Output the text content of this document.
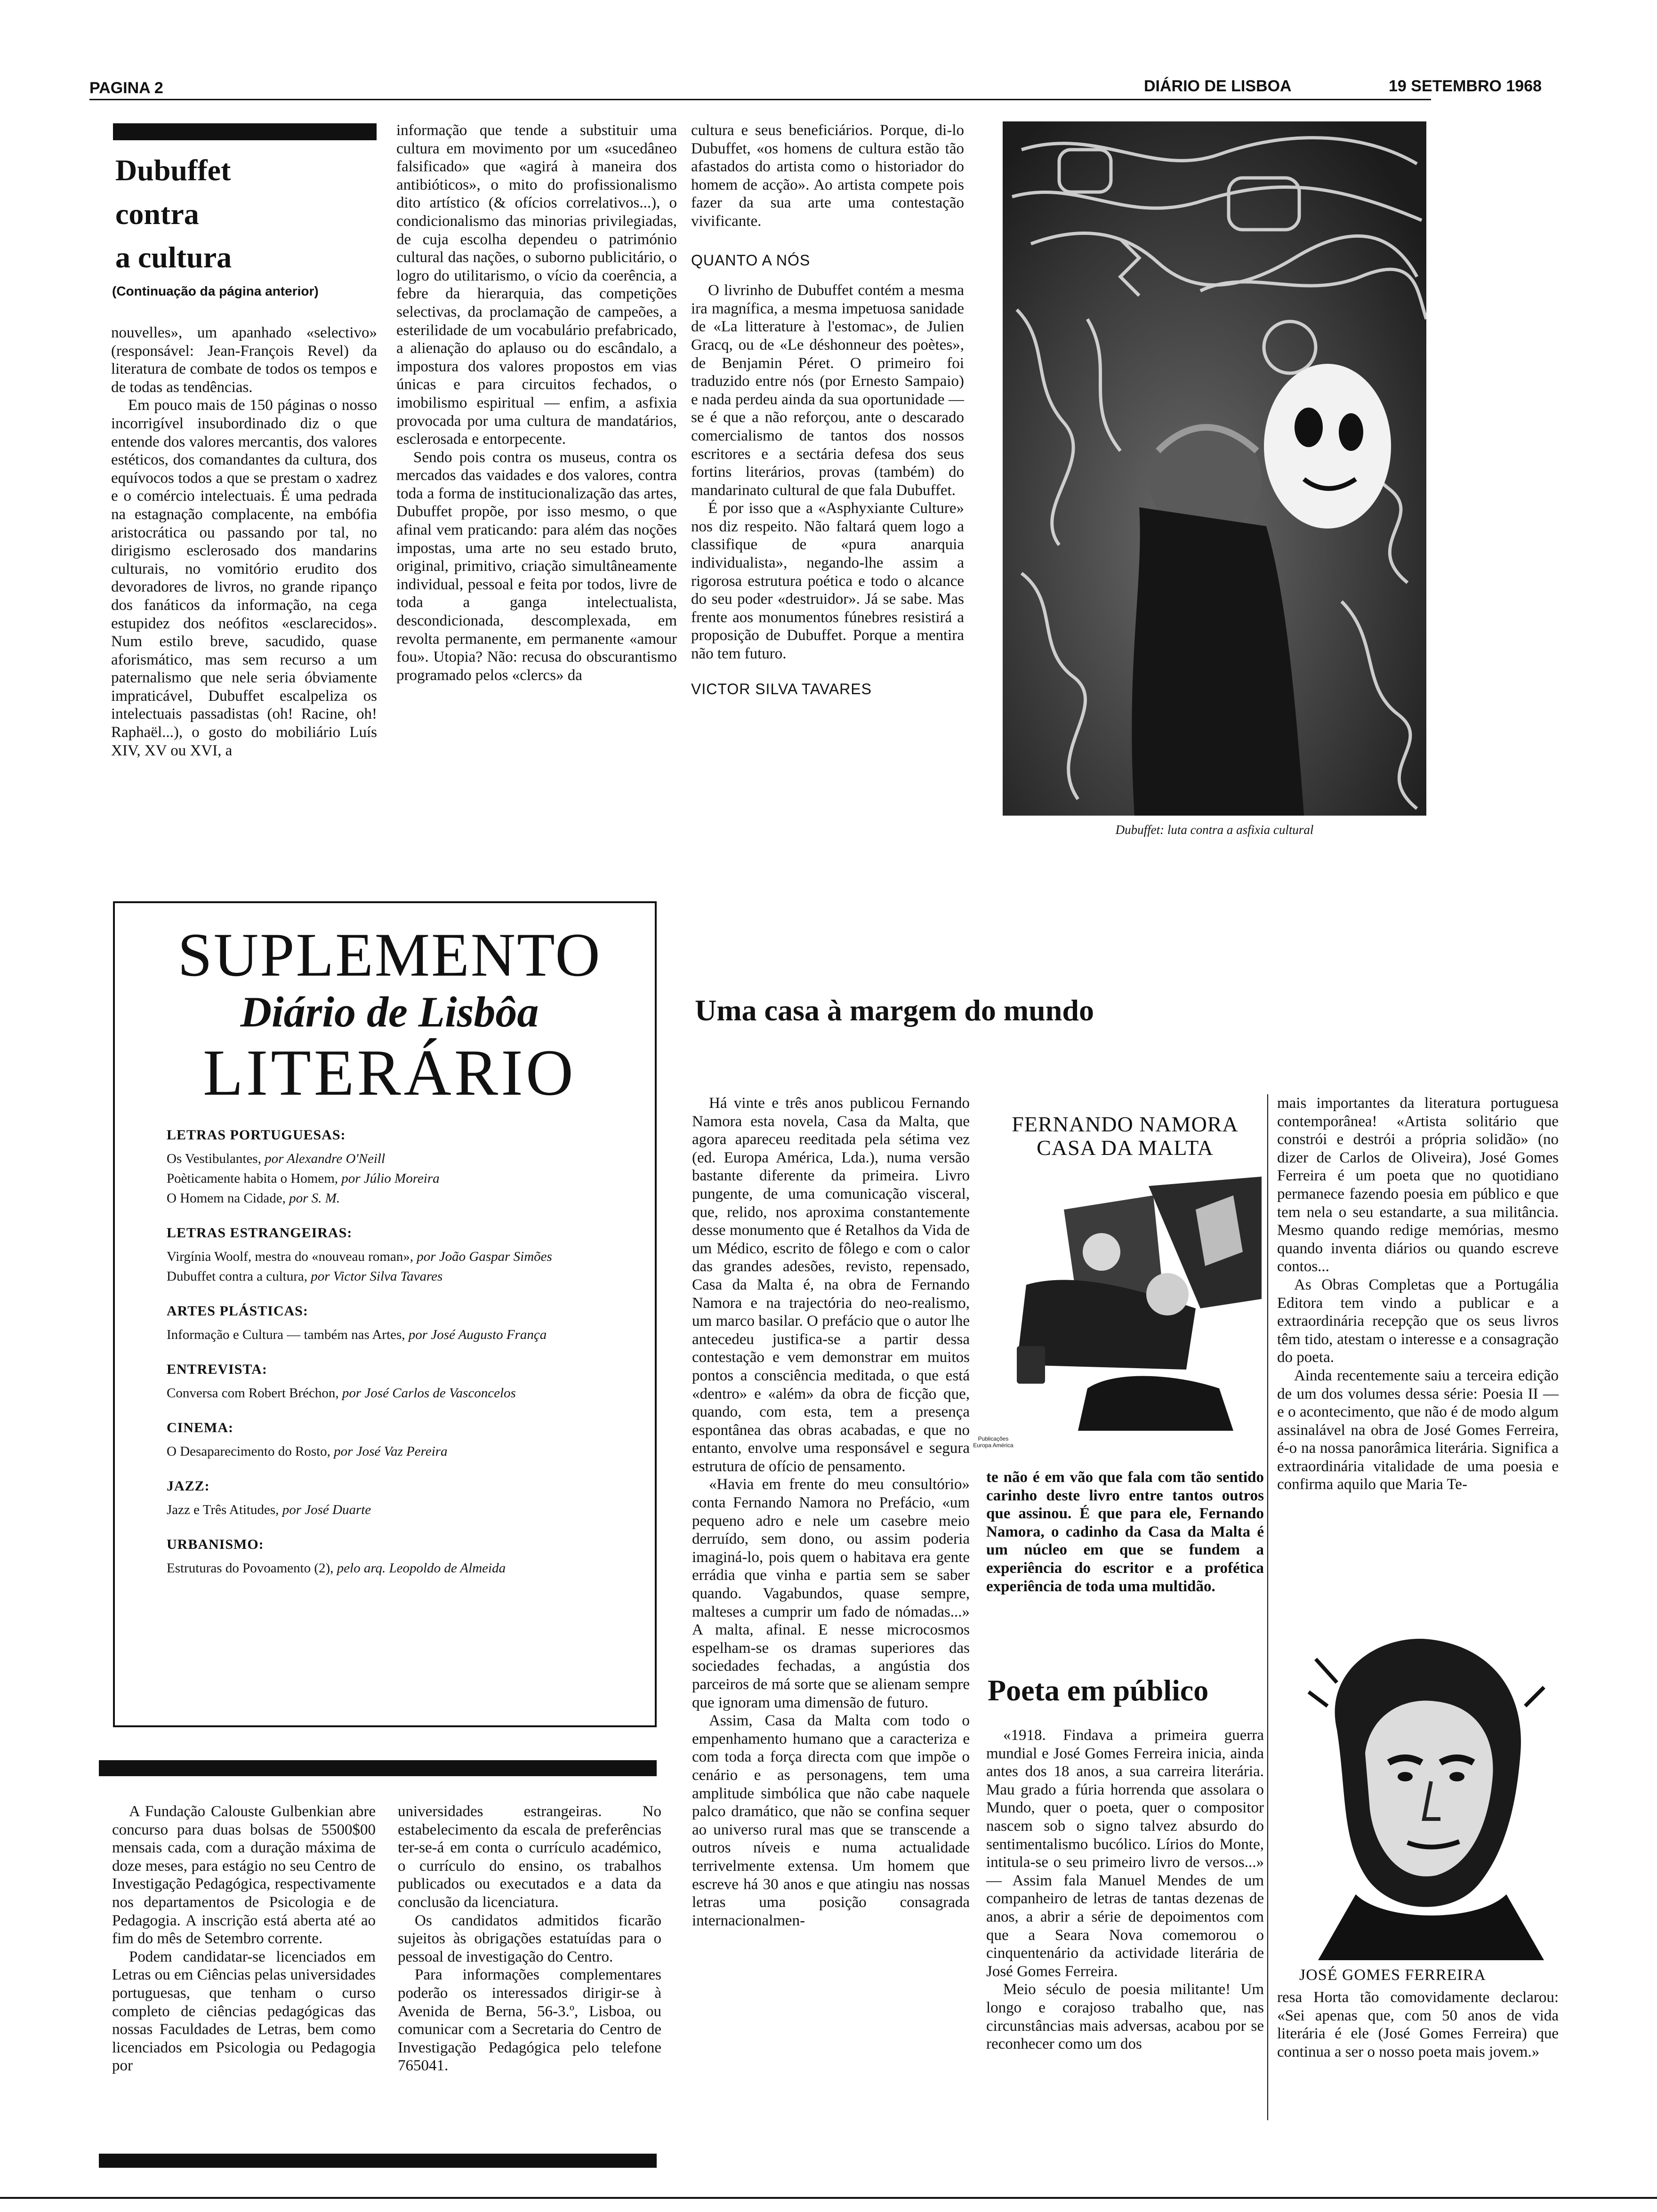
PAGINA 2	DIÁRIO DE LISBOA	19 SETEMBRO 1968
Dubuffet
contra
a cultura
(Continuação da página anterior)

nouvelles», um apanhado «selectivo» (responsável: Jean-François Revel) da literatura de combate de todos os tempos e de todas as tendências.

Em pouco mais de 150 páginas o nosso incorrigível insubordinado diz o que entende dos valores mercantis, dos valores estéticos, dos comandantes da cultura, dos equívocos todos a que se prestam o xadrez e o comércio intelectuais. É uma pedrada na estagnação complacente, na embófia aristocrática ou passando por tal, no dirigismo esclerosado dos mandarins culturais, no vomitório erudito dos devoradores de livros, no grande ripanço dos fanáticos da informação, na cega estupidez dos neófitos «esclarecidos». Num estilo breve, sacudido, quase aforismático, mas sem recurso a um paternalismo que nele seria óbviamente impraticável, Dubuffet escalpeliza os intelectuais passadistas (oh! Racine, oh! Raphaël...), o gosto do mobiliário Luís XIV, XV ou XVI, a

informação que tende a substituir uma cultura em movimento por um «sucedâneo falsificado» que «agirá à maneira dos antibióticos», o mito do profissionalismo dito artístico (& ofícios correlativos...), o condicionalismo das minorias privilegiadas, de cuja escolha dependeu o património cultural das nações, o suborno publicitário, o logro do utilitarismo, o vício da coerência, a febre da hierarquia, das competições selectivas, da proclamação de campeões, a esterilidade de um vocabulário prefabricado, a alienação do aplauso ou do escândalo, a impostura dos valores propostos em vias únicas e para circuitos fechados, o imobilismo espiritual — enfim, a asfixia provocada por uma cultura de mandatários, esclerosada e entorpecente.

Sendo pois contra os museus, contra os mercados das vaidades e dos valores, contra toda a forma de institucionalização das artes, Dubuffet propõe, por isso mesmo, o que afinal vem praticando: para além das noções impostas, uma arte no seu estado bruto, original, primitivo, criação simultâneamente individual, pessoal e feita por todos, livre de toda a ganga intelectualista, descondicionada, descomplexada, em revolta permanente, em permanente «amour fou». Utopia? Não: recusa do obscurantismo programado pelos «clercs» da

cultura e seus beneficiários. Porque, di-lo Dubuffet, «os homens de cultura estão tão afastados do artista como o historiador do homem de acção». Ao artista compete pois fazer da sua arte uma contestação vivificante.

QUANTO A NÓS

O livrinho de Dubuffet contém a mesma ira magnífica, a mesma impetuosa sanidade de «La litterature à l'estomac», de Julien Gracq, ou de «Le déshonneur des poètes», de Benjamin Péret. O primeiro foi traduzido entre nós (por Ernesto Sampaio) e nada perdeu ainda da sua oportunidade — se é que a não reforçou, ante o descarado comercialismo de tantos dos nossos escritores e a sectária defesa dos seus fortins literários, provas (também) do mandarinato cultural de que fala Dubuffet.

É por isso que a «Asphyxiante Culture» nos diz respeito. Não faltará quem logo a classifique de «pura anarquia individualista», negando-lhe assim a rigorosa estrutura poética e todo o alcance do seu poder «destruidor». Já se sabe. Mas frente aos monumentos fúnebres resistirá a proposição de Dubuffet. Porque a mentira não tem futuro.

VICTOR SILVA TAVARES
Dubuffet: luta contra a asfixia cultural
SUPLEMENTO
Diário de Lisbôa
LITERÁRIO
LETRAS PORTUGUESAS:
Os Vestibulantes, por Alexandre O'Neill
Poèticamente habita o Homem, por Júlio Moreira
O Homem na Cidade, por S. M.
LETRAS ESTRANGEIRAS:
Virgínia Woolf, mestra do «nouveau roman», por João Gaspar Simões
Dubuffet contra a cultura, por Victor Silva Tavares
ARTES PLÁSTICAS:
Informação e Cultura — também nas Artes, por José Augusto França
ENTREVISTA:
Conversa com Robert Bréchon, por José Carlos de Vasconcelos
CINEMA:
O Desaparecimento do Rosto, por José Vaz Pereira
JAZZ:
Jazz e Três Atitudes, por José Duarte
URBANISMO:
Estruturas do Povoamento (2), pelo arq. Leopoldo de Almeida

A Fundação Calouste Gulbenkian abre concurso para duas bolsas de 5500$00 mensais cada, com a duração máxima de doze meses, para estágio no seu Centro de Investigação Pedagógica, respectivamente nos departamentos de Psicologia e de Pedagogia. A inscrição está aberta até ao fim do mês de Setembro corrente.

Podem candidatar-se licenciados em Letras ou em Ciências pelas universidades portuguesas, que tenham o curso completo de ciências pedagógicas das nossas Faculdades de Letras, bem como licenciados em Psicologia ou Pedagogia por

universidades estrangeiras. No estabelecimento da escala de preferências ter-se-á em conta o currículo académico, o currículo do ensino, os trabalhos publicados ou executados e a data da conclusão da licenciatura.

Os candidatos admitidos ficarão sujeitos às obrigações estatuídas para o pessoal de investigação do Centro.

Para informações complementares poderão os interessados dirigir-se à Avenida de Berna, 56-3.º, Lisboa, ou comunicar com a Secretaria do Centro de Investigação Pedagógica pelo telefone 765041.

Uma casa à margem do mundo

Há vinte e três anos publicou Fernando Namora esta novela, Casa da Malta, que agora apareceu reeditada pela sétima vez (ed. Europa América, Lda.), numa versão bastante diferente da primeira. Livro pungente, de uma comunicação visceral, que, relido, nos aproxima constantemente desse monumento que é Retalhos da Vida de um Médico, escrito de fôlego e com o calor das grandes adesões, revisto, repensado, Casa da Malta é, na obra de Fernando Namora e na trajectória do neo-realismo, um marco basilar. O prefácio que o autor lhe antecedeu justifica-se a partir dessa contestação e vem demonstrar em muitos pontos a consciência meditada, o que está «dentro» e «além» da obra de ficção que, quando, com esta, tem a presença espontânea das obras acabadas, e que no entanto, envolve uma responsável e segura estrutura de ofício de pensamento.

«Havia em frente do meu consultório» conta Fernando Namora no Prefácio, «um pequeno adro e nele um casebre meio derruído, sem dono, ou assim poderia imaginá-lo, pois quem o habitava era gente errádia que vinha e partia sem se saber quando. Vagabundos, quase sempre, malteses a cumprir um fado de nómadas...» A malta, afinal. E nesse microcosmos espelham-se os dramas superiores das sociedades fechadas, a angústia dos parceiros de má sorte que se alienam sempre que ignoram uma dimensão de futuro.

Assim, Casa da Malta com todo o empenhamento humano que a caracteriza e com toda a força directa com que impõe o cenário e as personagens, tem uma amplitude simbólica que não cabe naquele palco dramático, que não se confina sequer ao universo rural mas que se transcende a outros níveis e numa actualidade terrivelmente extensa. Um homem que escreve há 30 anos e que atingiu nas nossas letras uma posição consagrada internacionalmen-

FERNANDO NAMORA
CASA DA MALTA
Publicações Europa América

te não é em vão que fala com tão sentido carinho deste livro entre tantos outros que assinou. É que para ele, Fernando Namora, o cadinho da Casa da Malta é um núcleo em que se fundem a experiência do escritor e a profética experiência de toda uma multidão.

Poeta em público

«1918. Findava a primeira guerra mundial e José Gomes Ferreira inicia, ainda antes dos 18 anos, a sua carreira literária. Mau grado a fúria horrenda que assolara o Mundo, quer o poeta, quer o compositor nascem sob o signo talvez absurdo do sentimentalismo bucólico. Lírios do Monte, intitula-se o seu primeiro livro de versos...» — Assim fala Manuel Mendes de um companheiro de letras de tantas dezenas de anos, a abrir a série de depoimentos com que a Seara Nova comemorou o cinquentenário da actividade literária de José Gomes Ferreira.

Meio século de poesia militante! Um longo e corajoso trabalho que, nas circunstâncias mais adversas, acabou por se reconhecer como um dos

mais importantes da literatura portuguesa contemporânea! «Artista solitário que constrói e destrói a própria solidão» (no dizer de Carlos de Oliveira), José Gomes Ferreira é um poeta que no quotidiano permanece fazendo poesia em público e que tem nela o seu estandarte, a sua militância. Mesmo quando redige memórias, mesmo quando inventa diários ou quando escreve contos...

As Obras Completas que a Portugália Editora tem vindo a publicar e a extraordinária recepção que os seus livros têm tido, atestam o interesse e a consagração do poeta.

Ainda recentemente saiu a terceira edição de um dos volumes dessa série: Poesia II — e o acontecimento, que não é de modo algum assinalável na obra de José Gomes Ferreira, é-o na nossa panorâmica literária. Significa a extraordinária vitalidade de uma poesia e confirma aquilo que Maria Te-

JOSÉ GOMES FERREIRA

resa Horta tão comovidamente declarou: «Sei apenas que, com 50 anos de vida literária é ele (José Gomes Ferreira) que continua a ser o nosso poeta mais jovem.»
